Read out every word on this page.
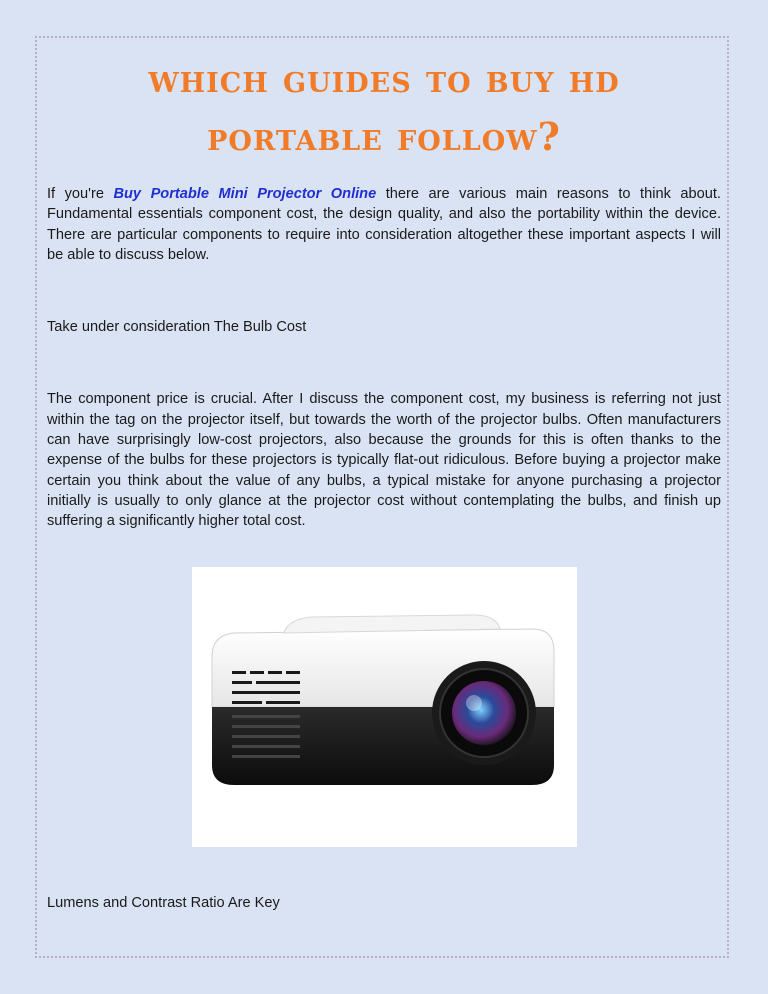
which guides to buy hd portable follow?

If you're Buy Portable Mini Projector Online there are various main reasons to think about. Fundamental essentials component cost, the design quality, and also the portability within the device. There are particular components to require into consideration altogether these important aspects I will be able to discuss below.

Take under consideration The Bulb Cost

The component price is crucial. After I discuss the component cost, my business is referring not just within the tag on the projector itself, but towards the worth of the projector bulbs. Often manufacturers can have surprisingly low-cost projectors, also because the grounds for this is often thanks to the expense of the bulbs for these projectors is typically flat-out ridiculous. Before buying a projector make certain you think about the value of any bulbs, a typical mistake for anyone purchasing a projector initially is usually to only glance at the projector cost without contemplating the bulbs, and finish up suffering a significantly higher total cost.

Lumens and Contrast Ratio Are Key
